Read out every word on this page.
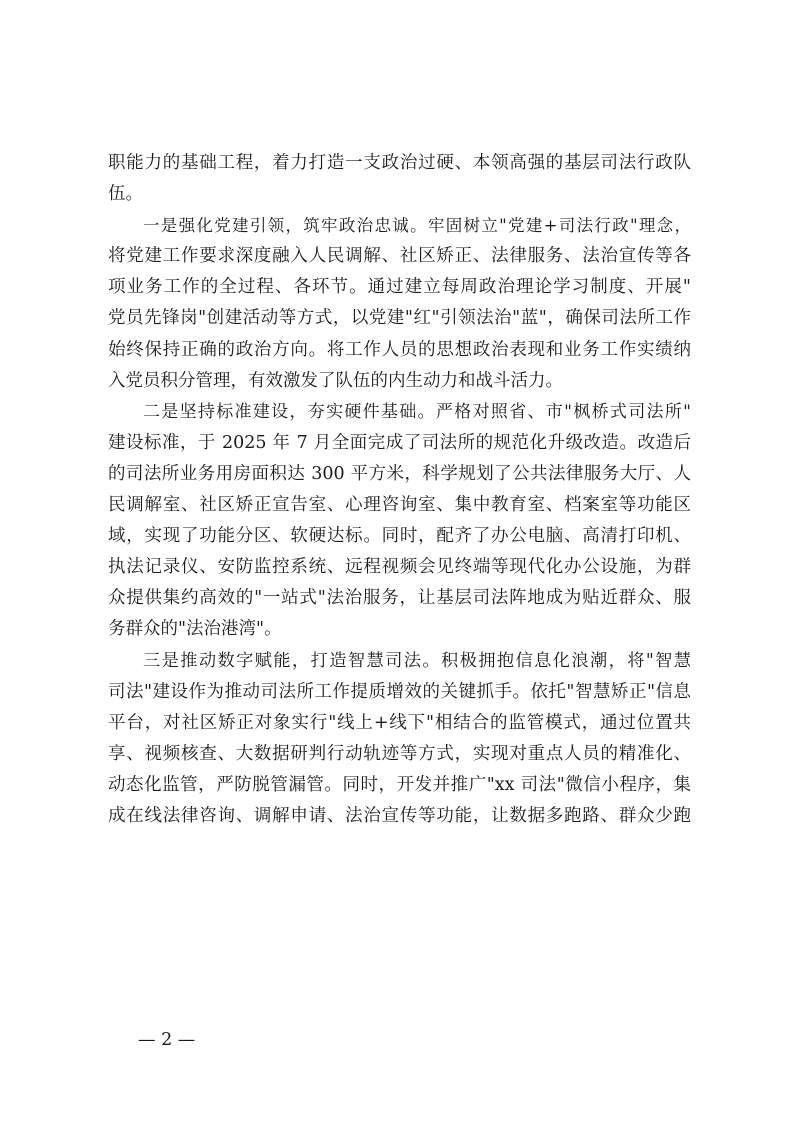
职能力的基础工程，着力打造一支政治过硬、本领高强的基层司法行政队
伍。

一是强化党建引领，筑牢政治忠诚。牢固树立"党建+司法行政"理念，
将党建工作要求深度融入人民调解、社区矫正、法律服务、法治宣传等各
项业务工作的全过程、各环节。通过建立每周政治理论学习制度、开展"
党员先锋岗"创建活动等方式，以党建"红"引领法治"蓝"，确保司法所工作
始终保持正确的政治方向。将工作人员的思想政治表现和业务工作实绩纳
入党员积分管理，有效激发了队伍的内生动力和战斗活力。

二是坚持标准建设，夯实硬件基础。严格对照省、市"枫桥式司法所"
建设标准，于 2025 年 7 月全面完成了司法所的规范化升级改造。改造后
的司法所业务用房面积达 300 平方米，科学规划了公共法律服务大厅、人
民调解室、社区矫正宣告室、心理咨询室、集中教育室、档案室等功能区
域，实现了功能分区、软硬达标。同时，配齐了办公电脑、高清打印机、
执法记录仪、安防监控系统、远程视频会见终端等现代化办公设施，为群
众提供集约高效的"一站式"法治服务，让基层司法阵地成为贴近群众、服
务群众的"法治港湾"。

三是推动数字赋能，打造智慧司法。积极拥抱信息化浪潮，将"智慧
司法"建设作为推动司法所工作提质增效的关键抓手。依托"智慧矫正"信息
平台，对社区矫正对象实行"线上+线下"相结合的监管模式，通过位置共
享、视频核查、大数据研判行动轨迹等方式，实现对重点人员的精准化、
动态化监管，严防脱管漏管。同时，开发并推广"xx 司法"微信小程序，集
成在线法律咨询、调解申请、法治宣传等功能，让数据多跑路、群众少跑

— 2 —
